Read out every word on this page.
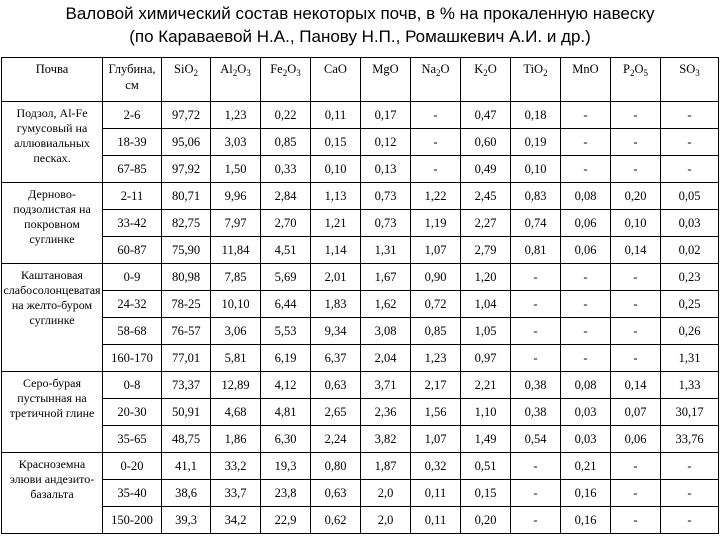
Валовой химический состав некоторых почв, в % на прокаленную навеску
(по Караваевой Н.А., Панову Н.П., Ромашкевич А.И. и др.)
Почва	Глубина, см	SiO$_2$	$Al_2O_3$	$Fe_2O_3$	CaO	MgO	$Na_2O$	$K_2O$	TiO$_2$	MnO	$P_2O_5$	$SO_3$
Подзол, Al-Fe гумусовый на аллювиальных песках.	2-6	97,72	1,23	0,22	0,11	0,17	-	0,47	0,18	-	-	-
	18-39	95,06	3,03	0,85	0,15	0,12	-	0,60	0,19	-	-	-
	67-85	97,92	1,50	0,33	0,10	0,13	-	0,49	0,10	-	-	-
Дерново-подзолистая на покровном суглинке	2-11	80,71	9,96	2,84	1,13	0,73	1,22	2,45	0,83	0,08	0,20	0,05
	33-42	82,75	7,97	2,70	1,21	0,73	1,19	2,27	0,74	0,06	0,10	0,03
	60-87	75,90	11,84	4,51	1,14	1,31	1,07	2,79	0,81	0,06	0,14	0,02
Каштановая слабосолонцеватая на желто-буром суглинке	0-9	80,98	7,85	5,69	2,01	1,67	0,90	1,20	-	-	-	0,23
	24-32	78-25	10,10	6,44	1,83	1,62	0,72	1,04	-	-	-	0,25
	58-68	76-57	3,06	5,53	9,34	3,08	0,85	1,05	-	-	-	0,26
	160-170	77,01	5,81	6,19	6,37	2,04	1,23	0,97	-	-	-	1,31
Серо-бурая пустынная на третичной глине	0-8	73,37	12,89	4,12	0,63	3,71	2,17	2,21	0,38	0,08	0,14	1,33
	20-30	50,91	4,68	4,81	2,65	2,36	1,56	1,10	0,38	0,03	0,07	30,17
	35-65	48,75	1,86	6,30	2,24	3,82	1,07	1,49	0,54	0,03	0,06	33,76
Красноземна элюви андезито-базальта	0-20	41,1	33,2	19,3	0,80	1,87	0,32	0,51	-	0,21	-	-
	35-40	38,6	33,7	23,8	0,63	2,0	0,11	0,15	-	0,16	-	-
	150-200	39,3	34,2	22,9	0,62	2,0	0,11	0,20	-	0,16	-	-
